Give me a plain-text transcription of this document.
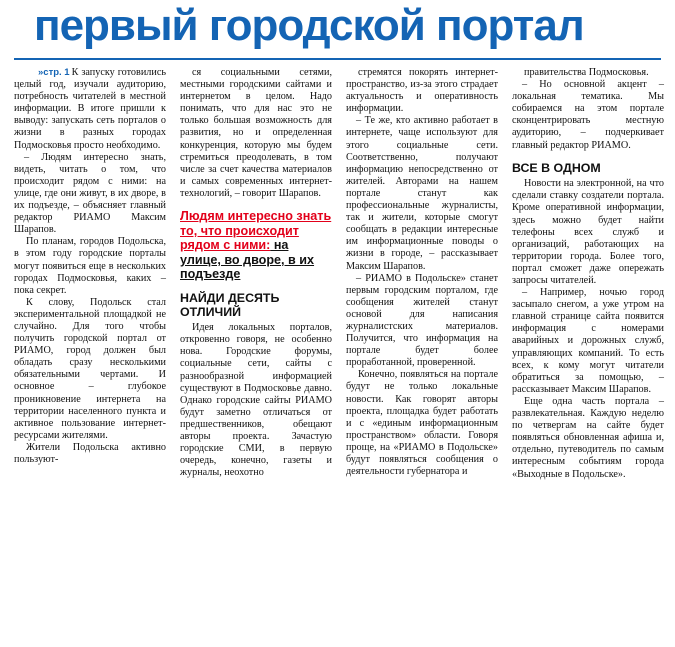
первый городской портал

»стр. 1 К запуску готовились целый год, изучали аудиторию, потребность читателей в местной информации. В итоге пришли к выводу: запускать сеть порталов о жизни в разных городах Подмосковья просто необходимо.

– Людям интересно знать, видеть, читать о том, что происходит рядом с ними: на улице, где они живут, в их дворе, в их подъезде, – объясняет главный редактор РИАМО Максим Шарапов.

По планам, городов Подольска, в этом году городские порталы могут появиться еще в нескольких городах Подмосковья, каких – пока секрет.

К слову, Подольск стал экспериментальной площадкой не случайно. Для того чтобы получить городской портал от РИАМО, город должен был обладать сразу несколькими обязательными чертами. И основное – глубокое проникновение интернета на территории населенного пункта и активное пользование интернет-ресурсами жителями.

Жители Подольска активно пользуют-

ся социальными сетями, местными городскими сайтами и интернетом в целом. Надо понимать, что для нас это не только большая возможность для развития, но и определенная конкуренция, которую мы будем стремиться преодолевать, в том числе за счет качества материалов и самых современных интернет-технологий, – говорит Шарапов.

Людям интересно знать то, что происходит рядом с ними: на улице, во дворе, в их подъезде
НАЙДИ ДЕСЯТЬ ОТЛИЧИЙ

Идея локальных порталов, откровенно говоря, не особенно нова. Городские форумы, социальные сети, сайты с разнообразной информацией существуют в Подмосковье давно. Однако городские сайты РИАМО будут заметно отличаться от предшественников, обещают авторы проекта. Зачастую городские СМИ, в первую очередь, конечно, газеты и журналы, неохотно

стремятся покорять интернет-пространство, из-за этого страдает актуальность и оперативность информации.

– Те же, кто активно работает в интернете, чаще используют для этого социальные сети. Соответственно, получают информацию непосредственно от жителей. Авторами на нашем портале станут как профессиональные журналисты, так и жители, которые смогут сообщать в редакции интересные им информационные поводы о жизни в городе, – рассказывает Максим Шарапов.

– РИАМО в Подольске» станет первым городским порталом, где сообщения жителей станут основой для написания журналистских материалов. Получится, что информация на портале будет более проработанной, проверенной.

Конечно, появляться на портале будут не только локальные новости. Как говорят авторы проекта, площадка будет работать и с «единым информационным пространством» области. Говоря проще, на «РИАМО в Подольске» будут появляться сообщения о деятельности губернатора и

правительства Подмосковья.

– Но основной акцент – локальная тематика. Мы собираемся на этом портале сконцентрировать местную аудиторию, – подчеркивает главный редактор РИАМО.

ВСЕ В ОДНОМ

Новости на электронной, на что сделали ставку создатели портала. Кроме оперативной информации, здесь можно будет найти телефоны всех служб и организаций, работающих на территории города. Более того, портал сможет даже опережать запросы читателей.

– Например, ночью город засыпало снегом, а уже утром на главной странице сайта появится информация с номерами аварийных и дорожных служб, управляющих компаний. То есть всех, к кому могут читатели обратиться за помощью, – рассказывает Максим Шарапов.

Еще одна часть портала – развлекательная. Каждую неделю по четвергам на сайте будет появляться обновленная афиша и, отдельно, путеводитель по самым интересным событиям города «Выходные в Подольске».
